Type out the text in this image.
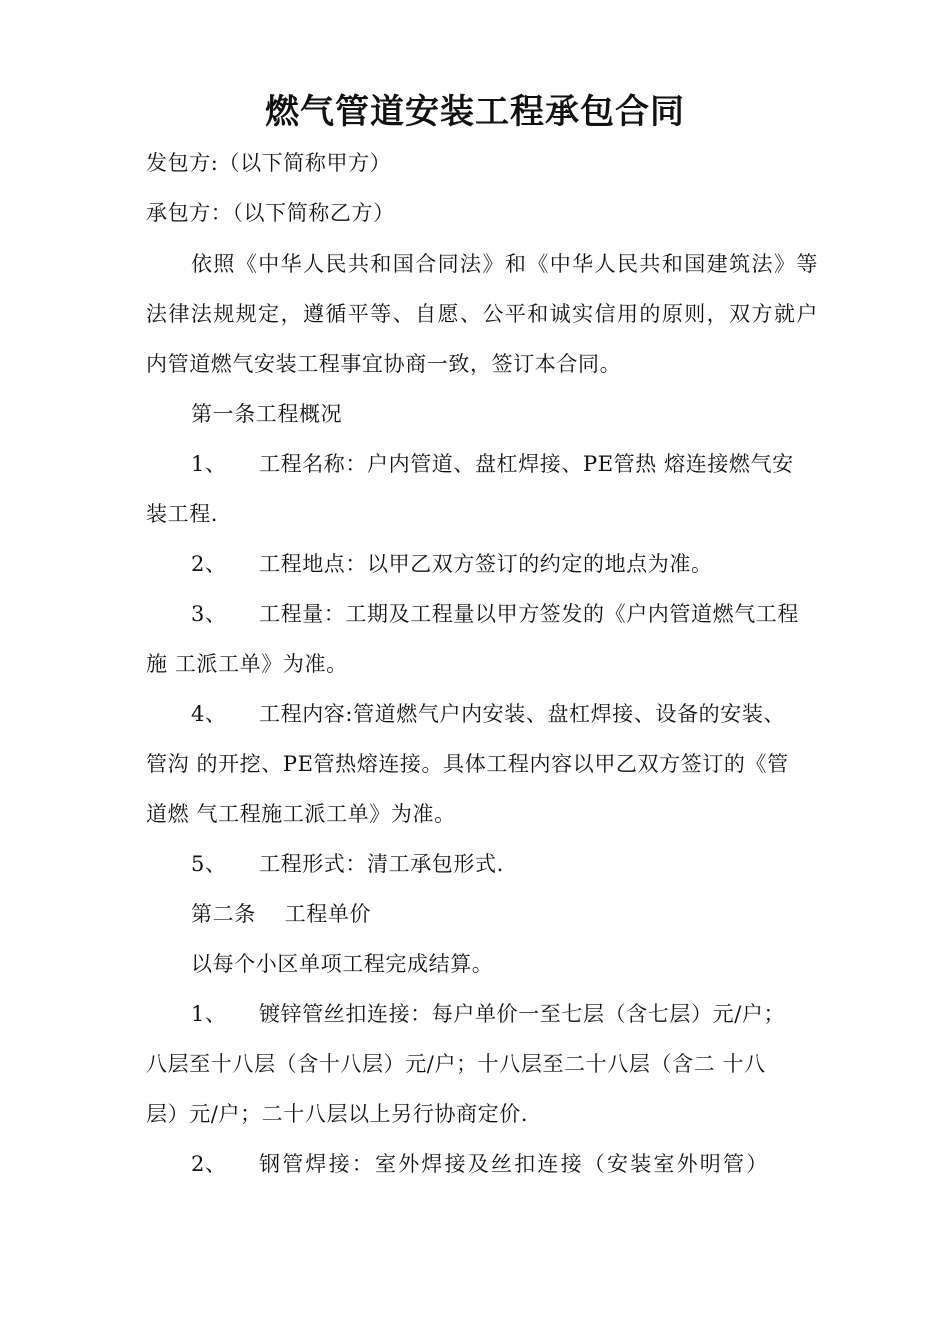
燃气管道安装工程承包合同
发包方:（以下简称甲方）
承包方：（以下简称乙方）
依照《中华人民共和国合同法》和《中华人民共和国建筑法》等
法律法规规定，遵循平等、自愿、公平和诚实信用的原则，双方就户
内管道燃气安装工程事宜协商一致，签订本合同。
第一条工程概况
1、 工程名称：户内管道、盘杠焊接、PE管热 熔连接燃气安
装工程.
2、 工程地点：以甲乙双方签订的约定的地点为准。
3、 工程量：工期及工程量以甲方签发的《户内管道燃气工程
施 工派工单》为准。
4、 工程内容:管道燃气户内安装、盘杠焊接、设备的安装、
管沟 的开挖、PE管热熔连接。具体工程内容以甲乙双方签订的《管
道燃 气工程施工派工单》为准。
5、 工程形式：清工承包形式.
第二条　 工程单价
以每个小区单项工程完成结算。
1、 镀锌管丝扣连接：每户单价一至七层（含七层）元/户；
八层至十八层（含十八层）元/户；十八层至二十八层（含二 十八
层）元/户；二十八层以上另行协商定价.
2、 钢管焊接：室外焊接及丝扣连接（安装室外明管）
